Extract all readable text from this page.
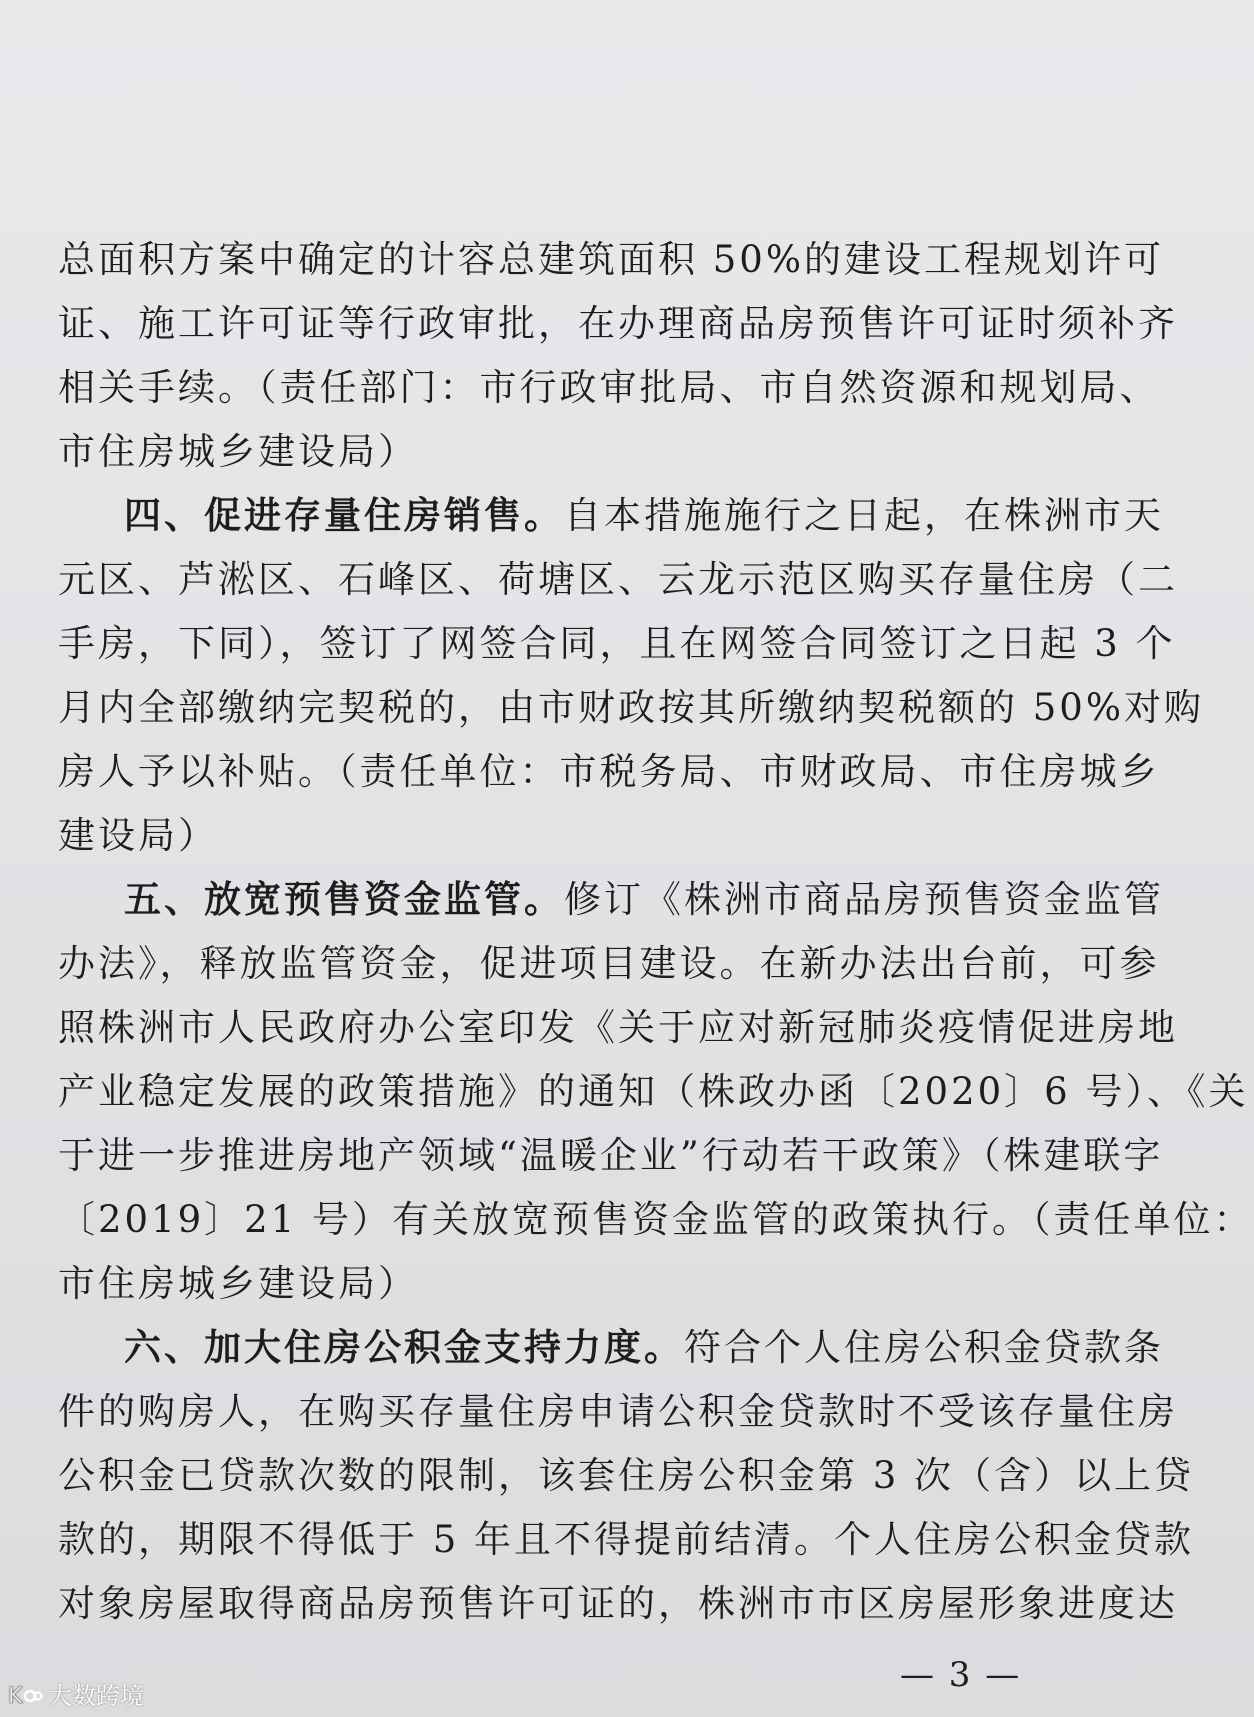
总面积方案中确定的计容总建筑面积 50%的建设工程规划许可
证、施工许可证等行政审批，在办理商品房预售许可证时须补齐
相关手续。（责任部门：市行政审批局、市自然资源和规划局、
市住房城乡建设局）
四、促进存量住房销售。自本措施施行之日起，在株洲市天
元区、芦淞区、石峰区、荷塘区、云龙示范区购买存量住房（二
手房，下同），签订了网签合同，且在网签合同签订之日起 3 个
月内全部缴纳完契税的，由市财政按其所缴纳契税额的 50%对购
房人予以补贴。（责任单位：市税务局、市财政局、市住房城乡
建设局）
五、放宽预售资金监管。修订《株洲市商品房预售资金监管
办法》，释放监管资金，促进项目建设。在新办法出台前，可参
照株洲市人民政府办公室印发《关于应对新冠肺炎疫情促进房地
产业稳定发展的政策措施》的通知（株政办函〔2020〕6 号）、《关
于进一步推进房地产领域“温暖企业”行动若干政策》（株建联字
〔2019〕21 号）有关放宽预售资金监管的政策执行。（责任单位：
市住房城乡建设局）
六、加大住房公积金支持力度。符合个人住房公积金贷款条
件的购房人，在购买存量住房申请公积金贷款时不受该存量住房
公积金已贷款次数的限制，该套住房公积金第 3 次（含）以上贷
款的，期限不得低于 5 年且不得提前结清。个人住房公积金贷款
对象房屋取得商品房预售许可证的，株洲市市区房屋形象进度达
— 3 —
K 大数跨境
